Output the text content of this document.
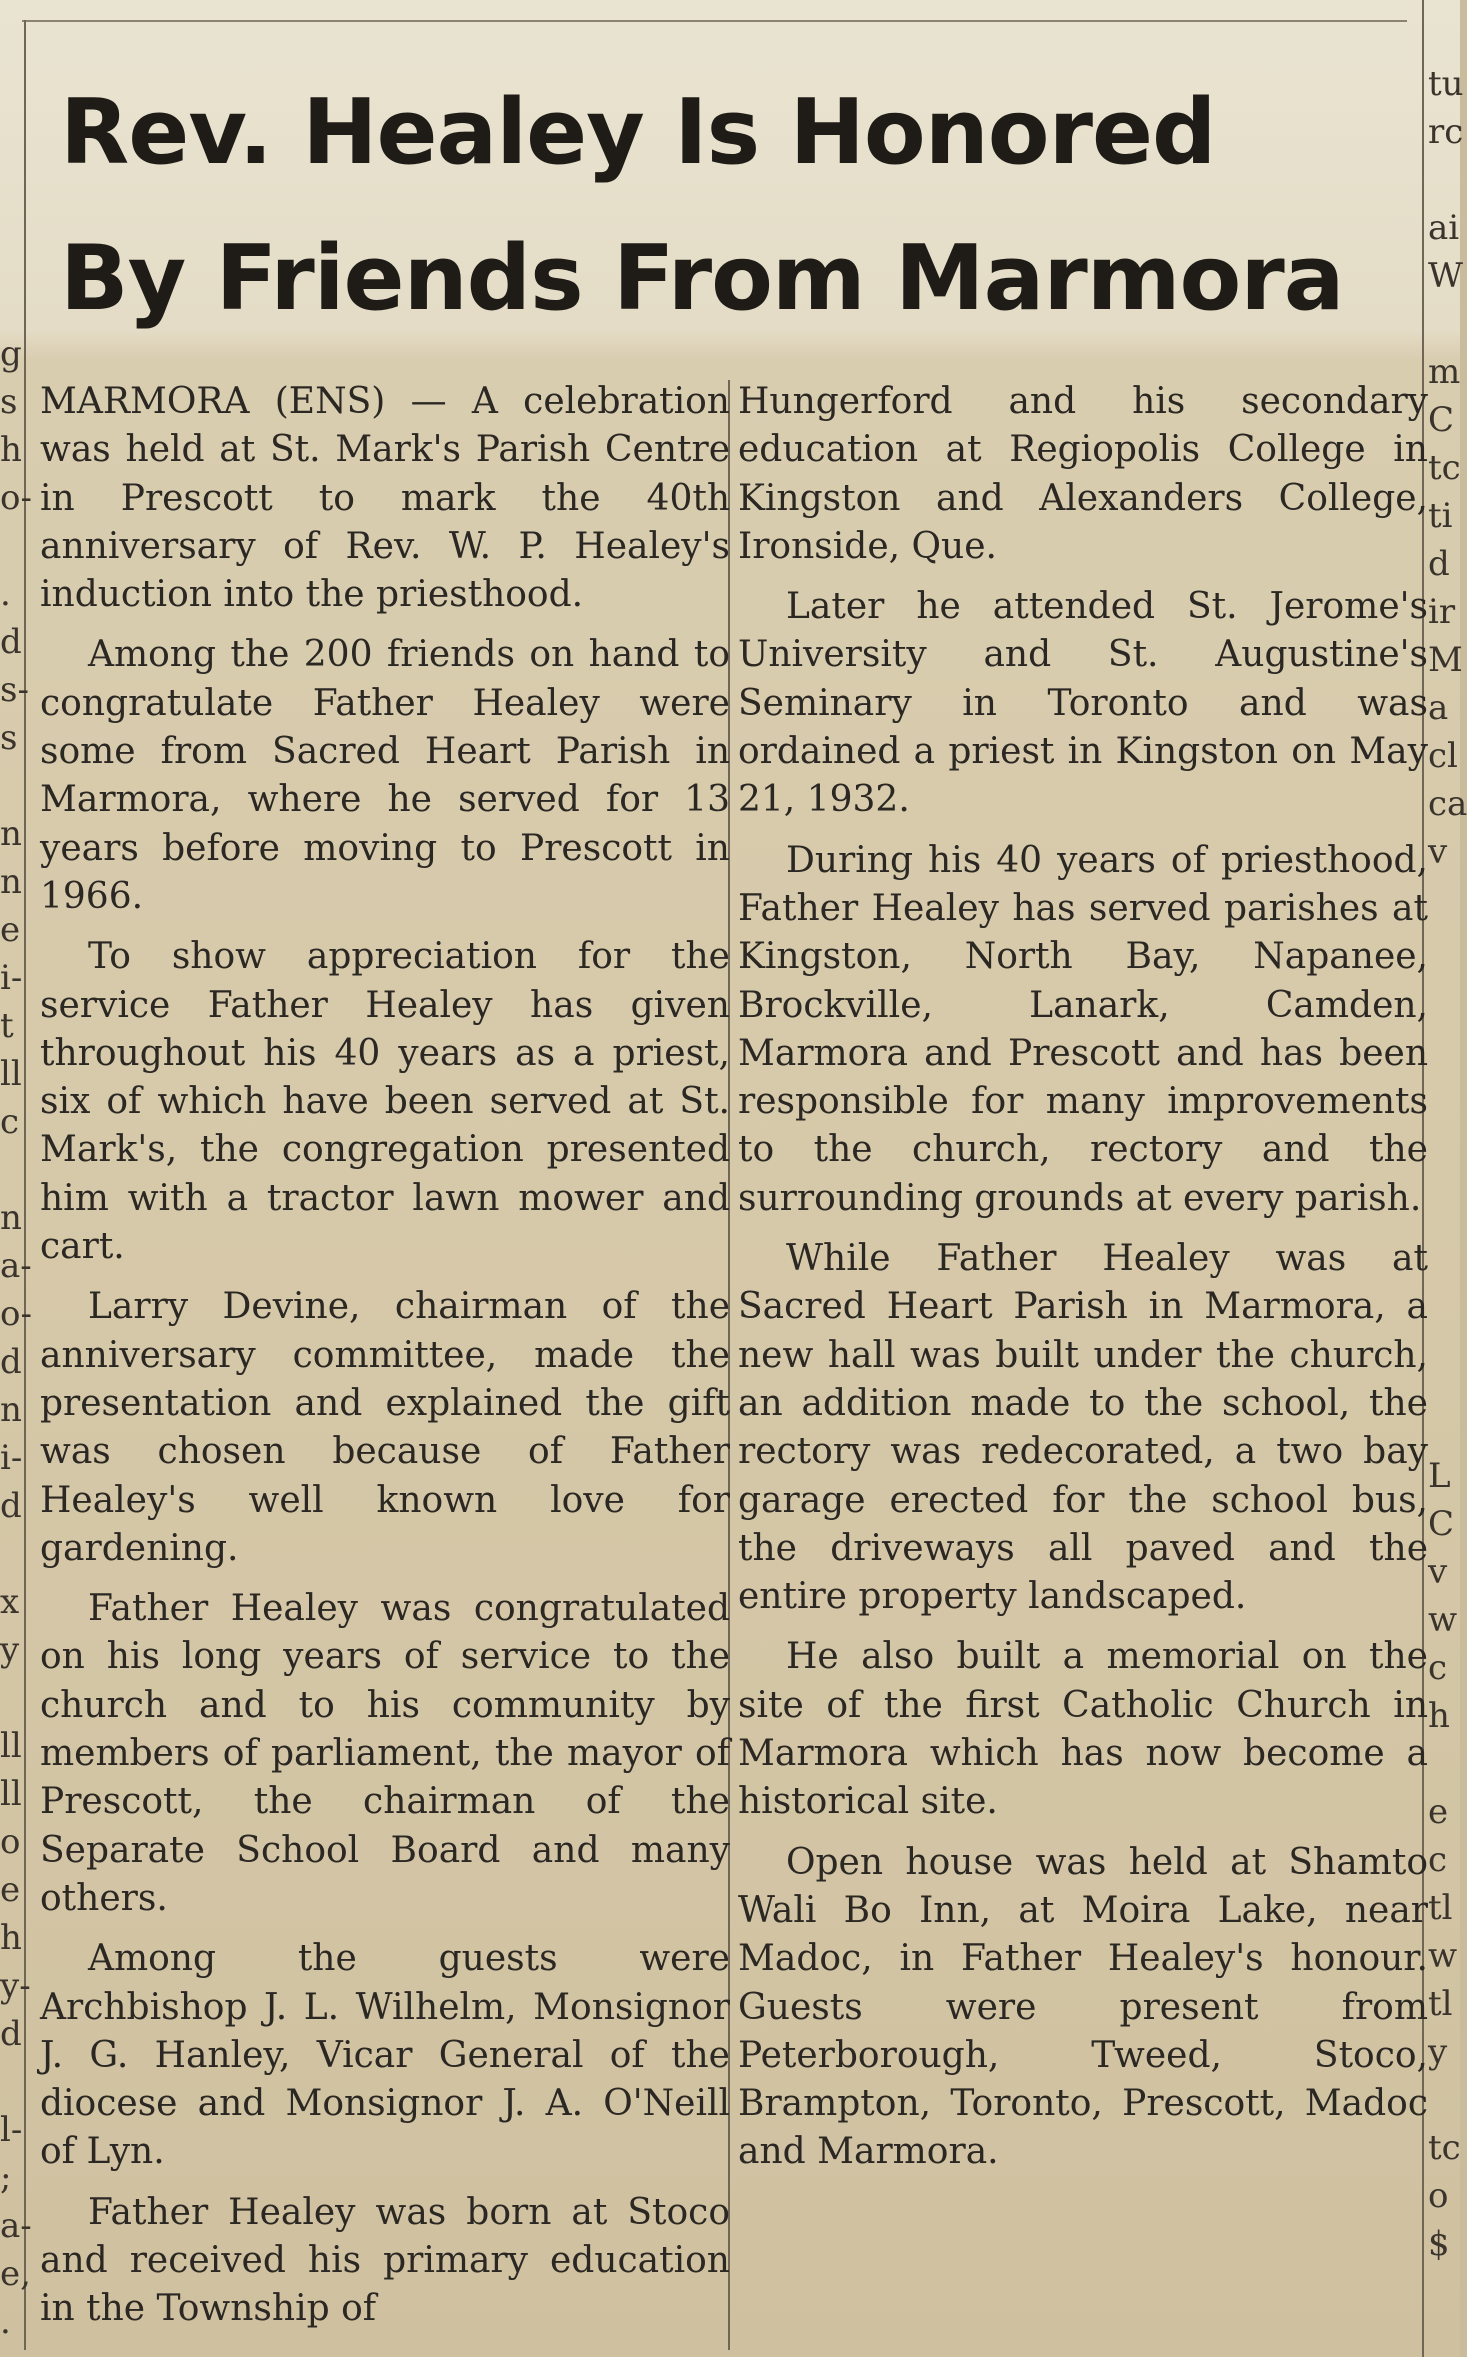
g
s
h
o-
.
d
s-
s
n
n
e
i-
t
ll
c
n
a-
o-
d
n
i-
d
x
y
ll
ll
o
e
h
y-
d
l-
;
a-
e,
.
tu
rc
ai
W
m
C
tc
ti
d
ir
M
a
cl
ca
v
L
C
v
w
c
h
e
c
tl
w
tl
y
tc
o
$
Rev. Healey Is Honored
By Friends From Marmora

MARMORA (ENS) — A celebration was held at St. Mark's Parish Centre in Prescott to mark the 40th anniversary of Rev. W. P. Healey's induction into the priesthood.

Among the 200 friends on hand to congratulate Father Healey were some from Sacred Heart Parish in Marmora, where he served for 13 years before moving to Prescott in 1966.

To show appreciation for the service Father Healey has given throughout his 40 years as a priest, six of which have been served at St. Mark's, the congregation presented him with a tractor lawn mower and cart.

Larry Devine, chairman of the anniversary committee, made the presentation and explained the gift was chosen because of Father Healey's well known love for gardening.

Father Healey was congratulated on his long years of service to the church and to his community by members of parliament, the mayor of Prescott, the chairman of the Separate School Board and many others.

Among the guests were Archbishop J. L. Wilhelm, Monsignor J. G. Hanley, Vicar General of the diocese and Monsignor J. A. O'Neill of Lyn.

Father Healey was born at Stoco and received his primary education in the Township of

Hungerford and his secondary education at Regiopolis College in Kingston and Alexanders College, Ironside, Que.

Later he attended St. Jerome's University and St. Augustine's Seminary in Toronto and was ordained a priest in Kingston on May 21, 1932.

During his 40 years of priesthood, Father Healey has served parishes at Kingston, North Bay, Napanee, Brockville, Lanark, Camden, Marmora and Prescott and has been responsible for many improvements to the church, rectory and the surrounding grounds at every parish.

While Father Healey was at Sacred Heart Parish in Marmora, a new hall was built under the church, an addition made to the school, the rectory was redecorated, a two bay garage erected for the school bus, the driveways all paved and the entire property landscaped.

He also built a memorial on the site of the first Catholic Church in Marmora which has now become a historical site.

Open house was held at Shamto Wali Bo Inn, at Moira Lake, near Madoc, in Father Healey's honour. Guests were present from Peterborough, Tweed, Stoco, Brampton, Toronto, Prescott, Madoc and Marmora.
